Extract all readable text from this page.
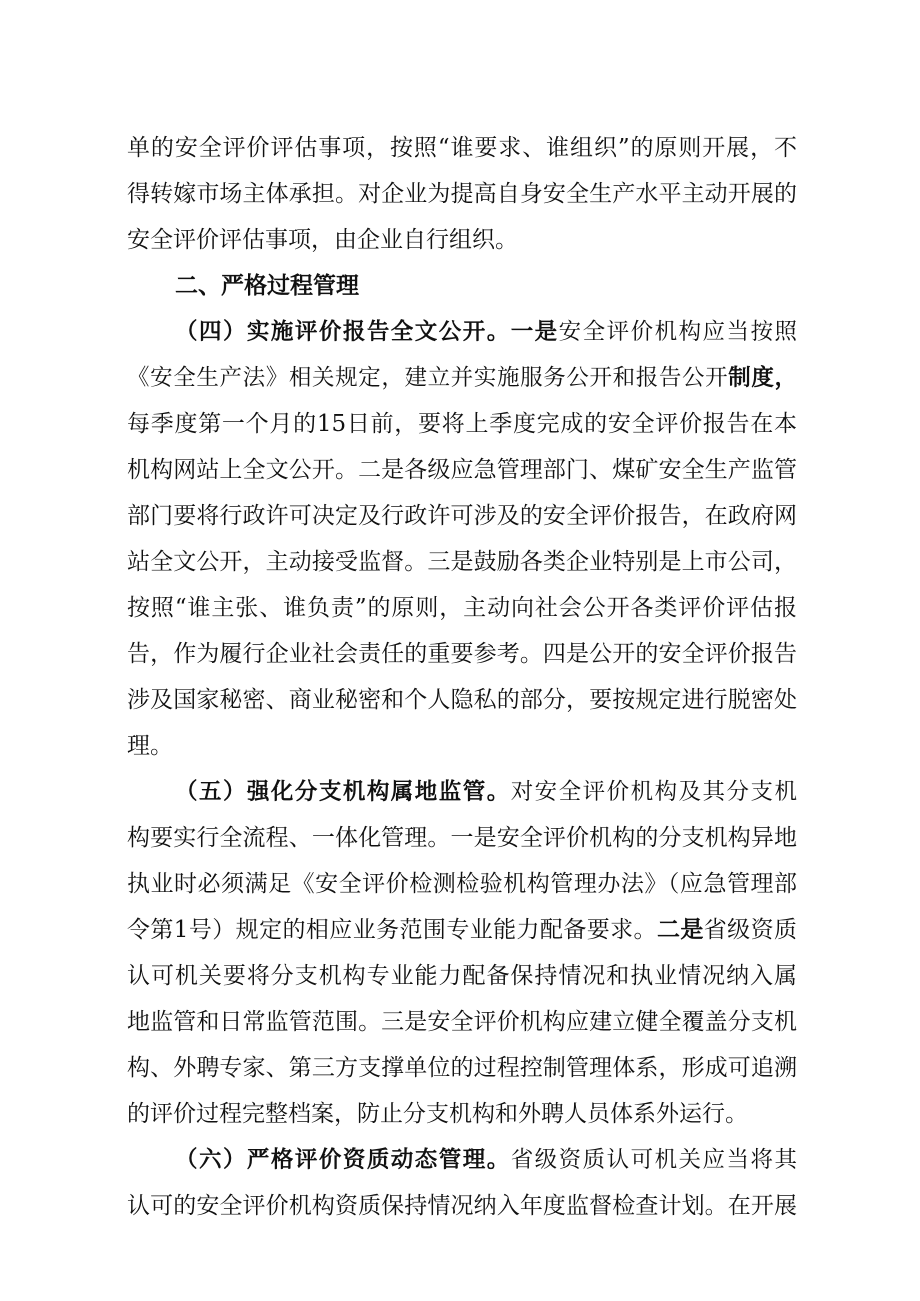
单的安全评价评估事项，按照“谁要求、谁组织”的原则开展，不
得转嫁市场主体承担。对企业为提高自身安全生产水平主动开展的
安全评价评估事项，由企业自行组织。
二、严格过程管理
（四）实施评价报告全文公开。一是安全评价机构应当按照
《安全生产法》相关规定，建立并实施服务公开和报告公开制度，
每季度第一个月的15日前，要将上季度完成的安全评价报告在本
机构网站上全文公开。二是各级应急管理部门、煤矿安全生产监管
部门要将行政许可决定及行政许可涉及的安全评价报告，在政府网
站全文公开，主动接受监督。三是鼓励各类企业特别是上市公司，
按照“谁主张、谁负责”的原则，主动向社会公开各类评价评估报
告，作为履行企业社会责任的重要参考。四是公开的安全评价报告
涉及国家秘密、商业秘密和个人隐私的部分，要按规定进行脱密处
理。
（五）强化分支机构属地监管。对安全评价机构及其分支机
构要实行全流程、一体化管理。一是安全评价机构的分支机构异地
执业时必须满足《安全评价检测检验机构管理办法》（应急管理部
令第1号）规定的相应业务范围专业能力配备要求。二是省级资质
认可机关要将分支机构专业能力配备保持情况和执业情况纳入属
地监管和日常监管范围。三是安全评价机构应建立健全覆盖分支机
构、外聘专家、第三方支撑单位的过程控制管理体系，形成可追溯
的评价过程完整档案，防止分支机构和外聘人员体系外运行。
（六）严格评价资质动态管理。省级资质认可机关应当将其
认可的安全评价机构资质保持情况纳入年度监督检查计划。在开展
